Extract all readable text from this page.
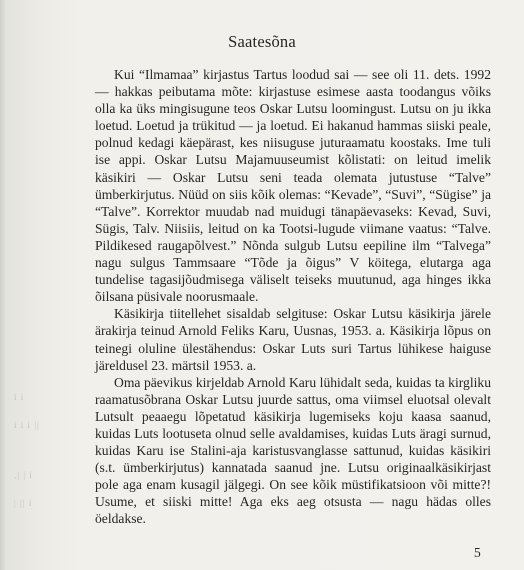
i i
i i i ||
,| | i
| || i
Saatesõna

Kui “Ilmamaa” kirjastus Tartus loodud sai — see oli 11. dets. 1992 — hakkas peibutama mõte: kirjastuse esimese aasta toodangus võiks olla ka üks mingisugune teos Oskar Lutsu loomingust. Lutsu on ju ikka loetud. Loetud ja trükitud — ja loetud. Ei hakanud hammas siiski peale, polnud kedagi käepärast, kes niisuguse juturaamatu koostaks. Ime tuli ise appi. Oskar Lutsu Majamuuseumist kõlistati: on leitud imelik käsikiri — Oskar Lutsu seni teada olemata jutustuse “Talve” ümberkirjutus. Nüüd on siis kõik olemas: “Kevade”, “Suvi”, “Sügise” ja “Talve”. Korrektor muudab nad muidugi tänapäevaseks: Kevad, Suvi, Sügis, Talv. Niisiis, leitud on ka Tootsi-lugude viimane vaatus: “Talve. Pildikesed raugapõlvest.” Nõnda sulgub Lutsu eepiline ilm “Talvega” nagu sulgus Tammsaare “Tõde ja õigus” V köitega, elutarga aga tundelise tagasijõudmisega väliselt teiseks muutunud, aga hinges ikka õilsana püsivale noorusmaale.

Käsikirja tiitellehet sisaldab selgituse: Oskar Lutsu käsikirja järele ärakirja teinud Arnold Feliks Karu, Uusnas, 1953. a. Käsikirja lõpus on teinegi oluline ülestähendus: Oskar Luts suri Tartus lühikese haiguse järeldusel 23. märtsil 1953. a.

Oma päevikus kirjeldab Arnold Karu lühidalt seda, kuidas ta kirgliku raamatusõbrana Oskar Lutsu juurde sattus, oma viimsel eluotsal olevalt Lutsult peaaegu lõpetatud käsikirja lugemiseks koju kaasa saanud, kuidas Luts lootuseta olnud selle avaldamises, kuidas Luts äragi surnud, kuidas Karu ise Stalini-aja karistusvanglasse sattunud, kuidas käsikiri (s.t. ümberkirjutus) kannatada saanud jne. Lutsu originaalkäsikirjast pole aga enam kusagil jälgegi. On see kõik müstifikatsioon või mitte?! Usume, et siiski mitte! Aga eks aeg otsusta — nagu hädas olles öeldakse.

5
